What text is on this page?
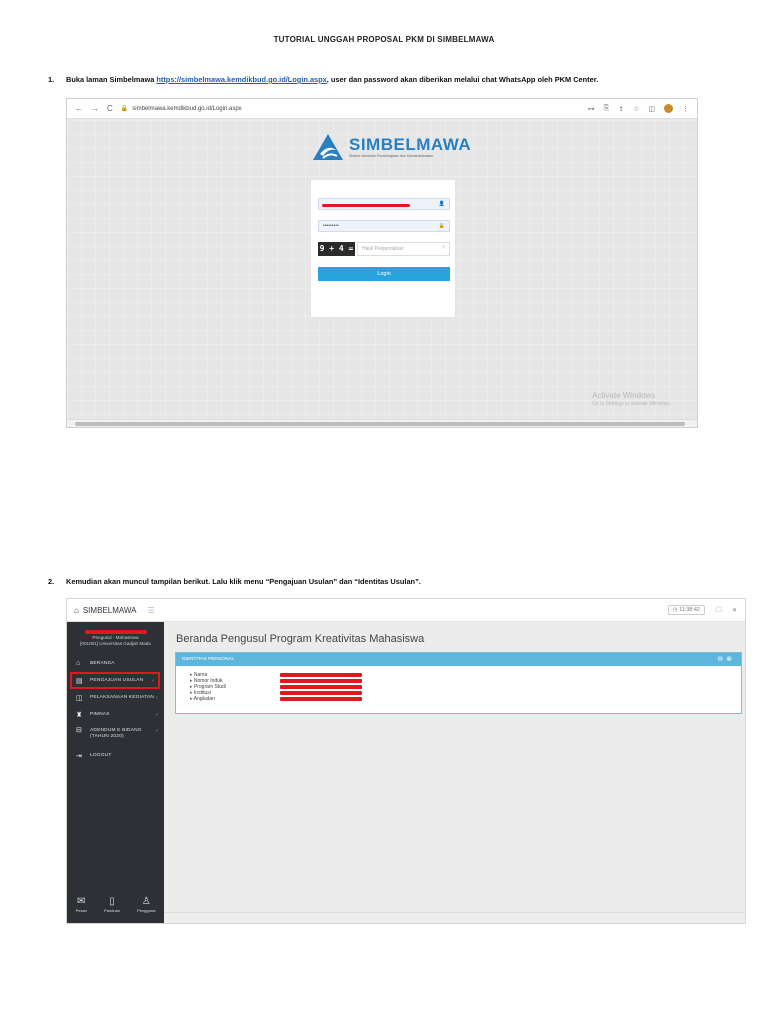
TUTORIAL UNGGAH PROPOSAL PKM DI SIMBELMAWA
1. Buka laman Simbelmawa https://simbelmawa.kemdikbud.go.id/Login.aspx, user dan password akan diberikan melalui chat WhatsApp oleh PKM Center.
← → C 🔒 simbelmawa.kemdikbud.go.id/Login.aspx	⊶ ⎘ ⇪ ☆ ◫	⋮
SIMBELMAWA
Sistem Informasi Pembelajaran dan Kemahasiswaan
👤
•••••••••	🔒
9 + 4 =	Hasil Penjumlahan	+
Login
Activate Windows
Go to Settings to activate Windows.
2. Kemudian akan muncul tampilan berikut. Lalu klik menu “Pengajuan Usulan” dan “Identitas Usulan”.
⌂ SIMBELMAWA ☰	◷ 11:38:42	☖ ●
Pengusul - Mahasiswa
[001001] Universitas Gadjah Mada
⌂	BERANDA
▤	PENGAJUAN USULAN ‹
◫	PELAKSANAAN KEGIATAN ‹
♜	PIMNAS	‹
⊟	ADENDUM E BIDANG (TAHUN 2020)
‹
⇥	LOGOUT
✉
Pesan
▯
Panduan
♙
Pengguna
Beranda Pengusul Program Kreativitas Mahasiswa
IDENTITAS PERSONAL	⊖⊗
▸ Nama
▸ Nomor Induk
▸ Program Studi
▸ Institusi
▸ Angkatan
